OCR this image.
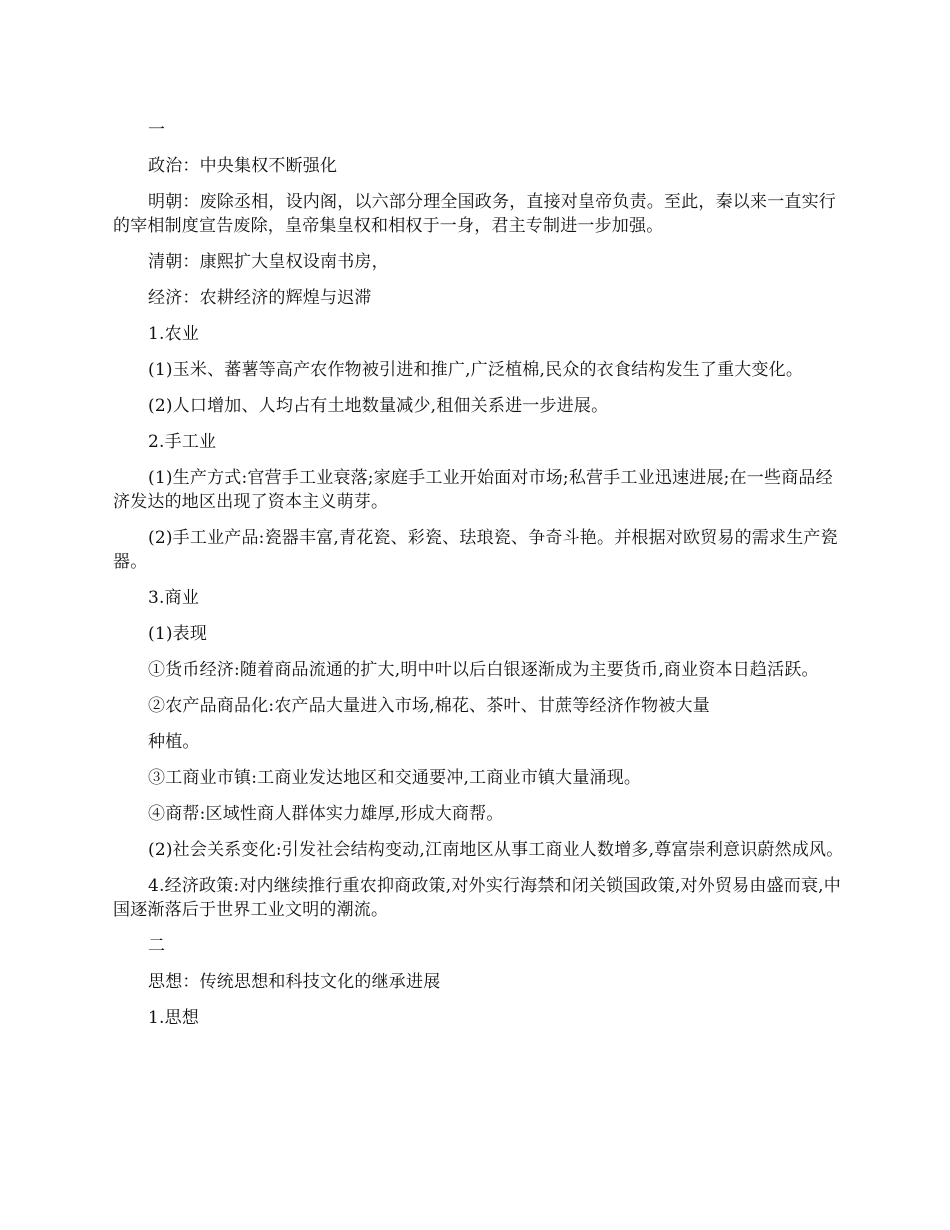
一

政治：中央集权不断强化

明朝：废除丞相，设内阁，以六部分理全国政务，直接对皇帝负责。至此，秦以来一直实行的宰相制度宣告废除，皇帝集皇权和相权于一身，君主专制进一步加强。

清朝：康熙扩大皇权设南书房，

经济：农耕经济的辉煌与迟滞

1.农业

(1)玉米、蕃薯等高产农作物被引进和推广,广泛植棉,民众的衣食结构发生了重大变化。

(2)人口增加、人均占有土地数量减少,租佃关系进一步进展。

2.手工业

(1)生产方式:官营手工业衰落;家庭手工业开始面对市场;私营手工业迅速进展;在一些商品经济发达的地区出现了资本主义萌芽。

(2)手工业产品:瓷器丰富,青花瓷、彩瓷、珐琅瓷、争奇斗艳。并根据对欧贸易的需求生产瓷器。

3.商业

(1)表现

①货币经济:随着商品流通的扩大,明中叶以后白银逐渐成为主要货币,商业资本日趋活跃。

②农产品商品化:农产品大量进入市场,棉花、茶叶、甘蔗等经济作物被大量

种植。

③工商业市镇:工商业发达地区和交通要冲,工商业市镇大量涌现。

④商帮:区域性商人群体实力雄厚,形成大商帮。

(2)社会关系变化:引发社会结构变动,江南地区从事工商业人数增多,尊富崇利意识蔚然成风。

4.经济政策:对内继续推行重农抑商政策,对外实行海禁和闭关锁国政策,对外贸易由盛而衰,中国逐渐落后于世界工业文明的潮流。

二

思想：传统思想和科技文化的继承进展

1.思想
